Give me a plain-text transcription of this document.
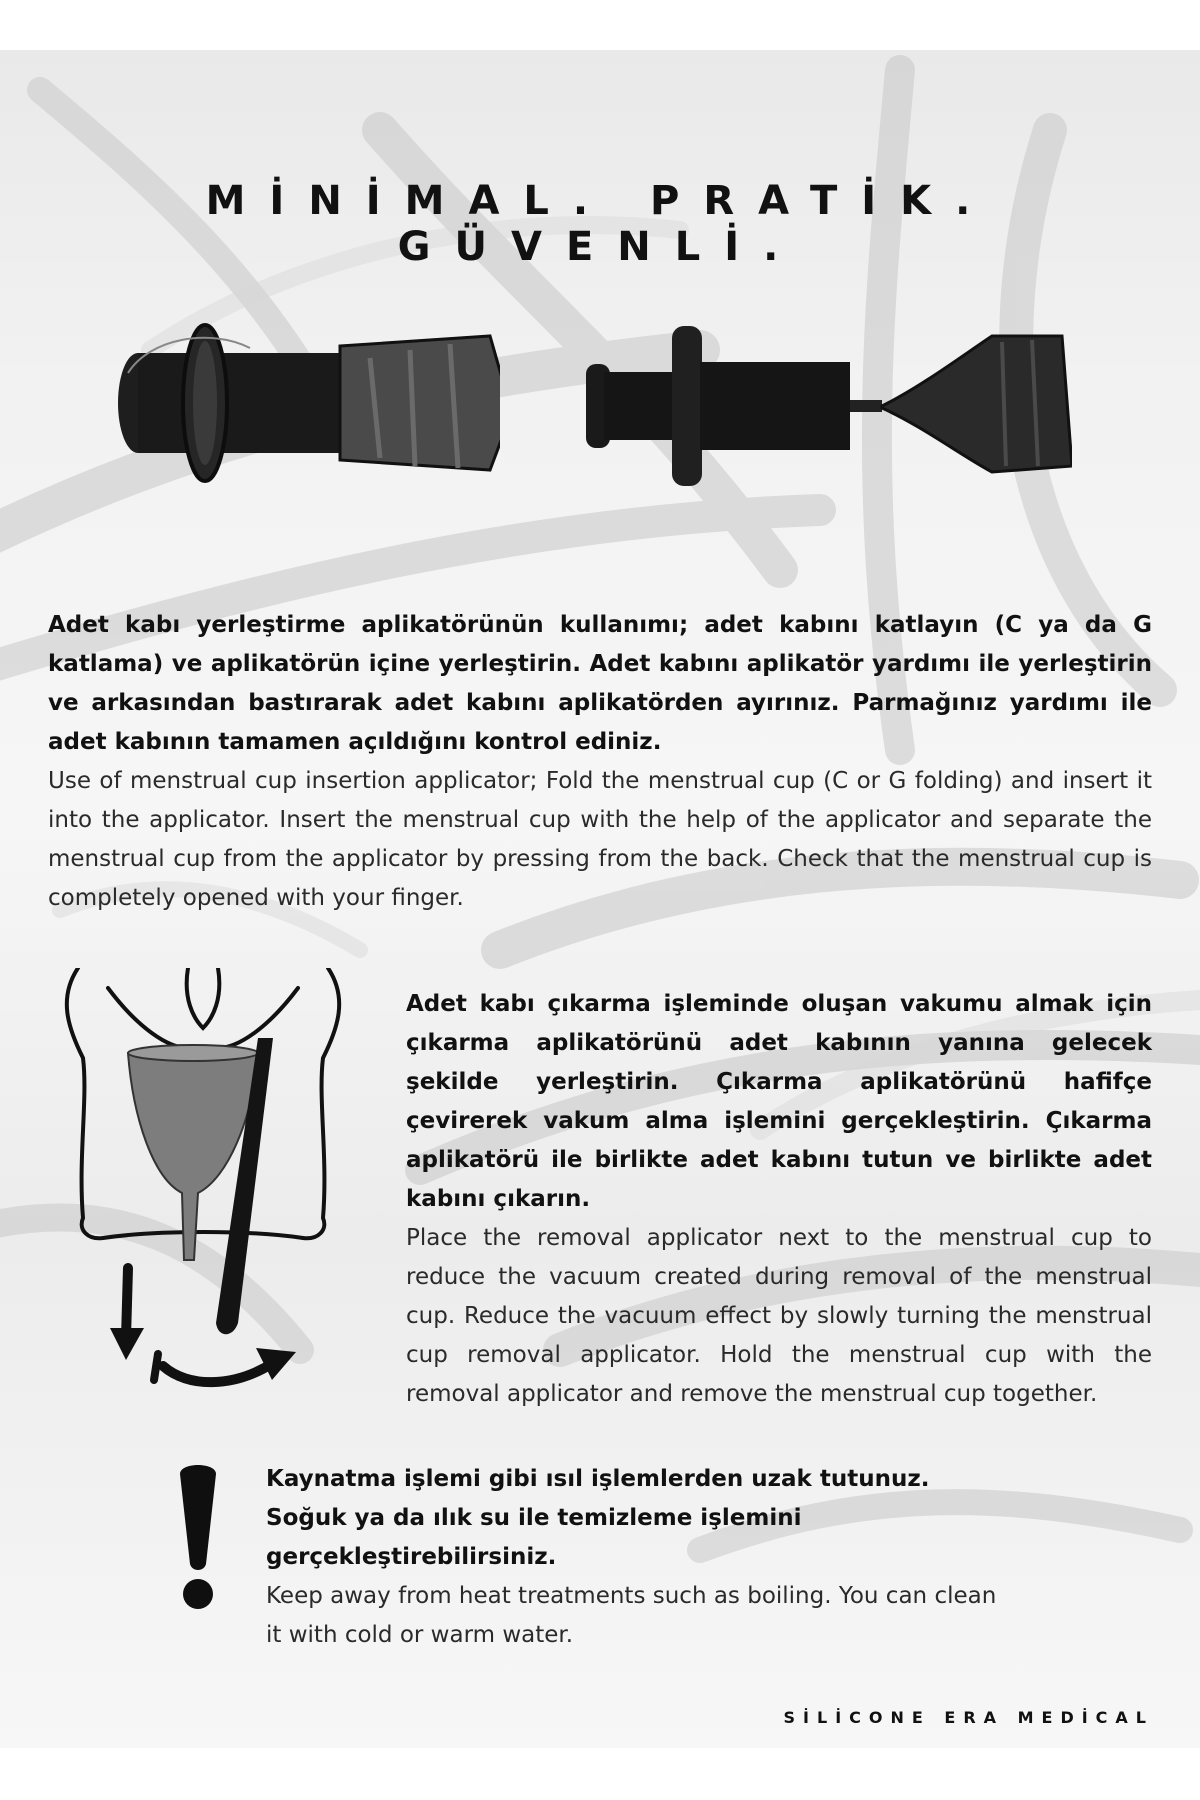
MİNİMAL. PRATİK. GÜVENLİ.
Adet kabı yerleştirme aplikatörünün kullanımı; adet kabını katlayın (C ya da G katlama) ve aplikatörün içine yerleştirin. Adet kabını aplikatör yardımı ile yerleştirin ve arkasından bastırarak adet kabını aplikatörden ayırınız. Parmağınız yardımı ile adet kabının tamamen açıldığını kontrol ediniz.
Use of menstrual cup insertion applicator; Fold the menstrual cup (C or G folding) and insert it into the applicator. Insert the menstrual cup with the help of the applicator and separate the menstrual cup from the applicator by pressing from the back. Check that the menstrual cup is completely opened with your finger.
Adet kabı çıkarma işleminde oluşan vakumu almak için çıkarma aplikatörünü adet kabının yanına gelecek şekilde yerleştirin. Çıkarma aplikatörünü hafifçe çevirerek vakum alma işlemini gerçekleştirin. Çıkarma aplikatörü ile birlikte adet kabını tutun ve birlikte adet kabını çıkarın.
Place the removal applicator next to the menstrual cup to reduce the vacuum created during removal of the menstrual cup. Reduce the vacuum effect by slowly turning the menstrual cup removal applicator. Hold the menstrual cup with the removal applicator and remove the menstrual cup together.
Kaynatma işlemi gibi ısıl işlemlerden uzak tutunuz. Soğuk ya da ılık su ile temizleme işlemini gerçekleştirebilirsiniz.
Keep away from heat treatments such as boiling. You can clean it with cold or warm water.
SİLİCONE ERA MEDİCAL
